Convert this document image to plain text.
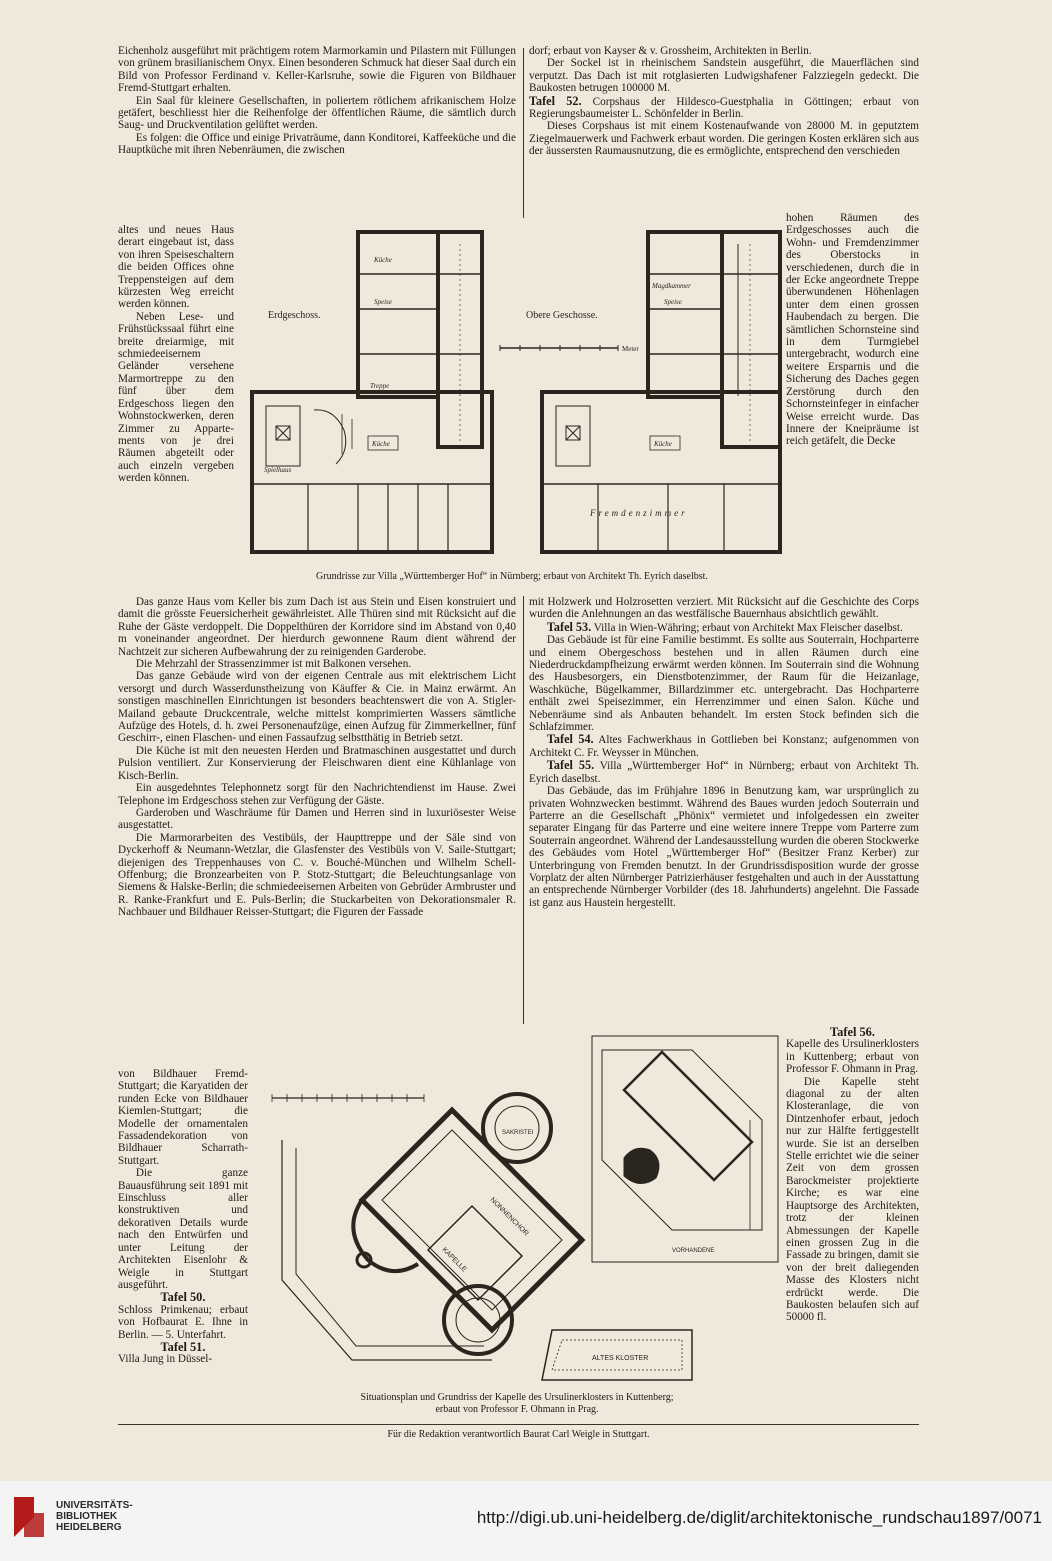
Eichenholz ausgeführt mit prächtigem rotem Marmorkamin und Pilastern mit Füllungen von grünem brasilianischem Onyx. Einen besonderen Schmuck hat dieser Saal durch ein Bild von Professor Ferdinand v. Keller-Karlsruhe, sowie die Figuren von Bildhauer Fremd-Stuttgart erhalten.

Ein Saal für kleinere Gesellschaften, in poliertem rötlichem afrikanischem Holze getäfert, beschliesst hier die Reihenfolge der öffentlichen Räume, die sämtlich durch Saug- und Druckventilation gelüftet werden.

Es folgen: die Office und einige Privaträume, dann Konditorei, Kaffeeküche und die Hauptküche mit ihren Nebenräumen, die zwischen

altes und neues Haus derart eingebaut ist, dass von ihren Speiseschaltern die beiden Offices ohne Treppensteigen auf dem kürzesten Weg erreicht werden können.

Neben Lese- und Frühstückssaal führt eine breite dreiarmige, mit schmiedeeisernem Geländer versehene Marmortreppe zu den fünf über dem Erdgeschoss liegen den Wohnstockwerken, deren Zimmer zu Apparte-ments von je drei Räumen abgeteilt oder auch einzeln vergeben werden können.

dorf; erbaut von Kayser & v. Grossheim, Architekten in Berlin.

Der Sockel ist in rheinischem Sandstein ausgeführt, die Mauerflächen sind verputzt. Das Dach ist mit rotglasierten Ludwigshafener Falzziegeln gedeckt. Die Baukosten betrugen 100000 M.

Tafel 52. Corpshaus der Hildesco-Guestphalia in Göttingen; erbaut von Regierungsbaumeister L. Schönfelder in Berlin.

Dieses Corpshaus ist mit einem Kostenaufwande von 28000 M. in geputztem Ziegelmauerwerk und Fachwerk erbaut worden. Die geringen Kosten erklären sich aus der äussersten Raumausnutzung, die es ermöglichte, entsprechend den verschieden

hohen Räumen des Erdgeschosses auch die Wohn- und Fremdenzimmer des Oberstocks in verschiedenen, durch die in der Ecke angeordnete Treppe überwundenen Höhenlagen unter dem einen grossen Haubendach zu bergen. Die sämtlichen Schornsteine sind in dem Turmgiebel untergebracht, wodurch eine weitere Ersparnis und die Sicherung des Daches gegen Zerstörung durch den Schornsteinfeger in einfacher Weise erreicht wurde. Das Innere der Kneipräume ist reich getäfelt, die Decke

Erdgeschoss.	Obere Geschosse.
Meter
Küche
Speise
Spielhaus
Treppe
Küche
Magdkammer
Speise
Küche
Fremdenzimmer
Grundrisse zur Villa „Württemberger Hof“ in Nürnberg; erbaut von Architekt Th. Eyrich daselbst.

Das ganze Haus vom Keller bis zum Dach ist aus Stein und Eisen konstruiert und damit die grösste Feuersicherheit gewährleistet. Alle Thüren sind mit Rücksicht auf die Ruhe der Gäste verdoppelt. Die Doppelthüren der Korridore sind im Abstand von 0,40 m voneinander angeordnet. Der hierdurch gewonnene Raum dient während der Nachtzeit zur sicheren Aufbewahrung der zu reinigenden Garderobe.

Die Mehrzahl der Strassenzimmer ist mit Balkonen versehen.

Das ganze Gebäude wird von der eigenen Centrale aus mit elektrischem Licht versorgt und durch Wasserdunstheizung von Käuffer & Cie. in Mainz erwärmt. An sonstigen maschinellen Einrichtungen ist besonders beachtenswert die von A. Stigler-Mailand gebaute Druckcentrale, welche mittelst komprimierten Wassers sämtliche Aufzüge des Hotels, d. h. zwei Personenaufzüge, einen Aufzug für Zimmerkellner, fünf Geschirr-, einen Flaschen- und einen Fassaufzug selbstthätig in Betrieb setzt.

Die Küche ist mit den neuesten Herden und Bratmaschinen ausgestattet und durch Pulsion ventiliert. Zur Konservierung der Fleischwaren dient eine Kühlanlage von Kisch-Berlin.

Ein ausgedehntes Telephonnetz sorgt für den Nachrichtendienst im Hause. Zwei Telephone im Erdgeschoss stehen zur Verfügung der Gäste.

Garderoben und Waschräume für Damen und Herren sind in luxuriösester Weise ausgestattet.

Die Marmorarbeiten des Vestibüls, der Haupttreppe und der Säle sind von Dyckerhoff & Neumann-Wetzlar, die Glasfenster des Vestibüls von V. Saile-Stuttgart; diejenigen des Treppenhauses von C. v. Bouché-München und Wilhelm Schell-Offenburg; die Bronzearbeiten von P. Stotz-Stuttgart; die Beleuchtungsanlage von Siemens & Halske-Berlin; die schmiedeeisernen Arbeiten von Gebrüder Armbruster und R. Ranke-Frankfurt und E. Puls-Berlin; die Stuckarbeiten von Dekorationsmaler R. Nachbauer und Bildhauer Reisser-Stuttgart; die Figuren der Fassade

mit Holzwerk und Holzrosetten verziert. Mit Rücksicht auf die Geschichte des Corps wurden die Anlehnungen an das westfälische Bauernhaus absichtlich gewählt.

Tafel 53. Villa in Wien-Währing; erbaut von Architekt Max Fleischer daselbst.

Das Gebäude ist für eine Familie bestimmt. Es sollte aus Souterrain, Hochparterre und einem Obergeschoss bestehen und in allen Räumen durch eine Niederdruckdampfheizung erwärmt werden können. Im Souterrain sind die Wohnung des Hausbesorgers, ein Dienstbotenzimmer, der Raum für die Heizanlage, Waschküche, Bügelkammer, Billardzimmer etc. untergebracht. Das Hochparterre enthält zwei Speisezimmer, ein Herrenzimmer und einen Salon. Küche und Nebenräume sind als Anbauten behandelt. Im ersten Stock befinden sich die Schlafzimmer.

Tafel 54. Altes Fachwerkhaus in Gottlieben bei Konstanz; aufgenommen von Architekt C. Fr. Weysser in München.

Tafel 55. Villa „Württemberger Hof“ in Nürnberg; erbaut von Architekt Th. Eyrich daselbst.

Das Gebäude, das im Frühjahre 1896 in Benutzung kam, war ursprünglich zu privaten Wohnzwecken bestimmt. Während des Baues wurden jedoch Souterrain und Parterre an die Gesellschaft „Phönix“ vermietet und infolgedessen ein zweiter separater Eingang für das Parterre und eine weitere innere Treppe vom Parterre zum Souterrain angeordnet. Während der Landesausstellung wurden die oberen Stockwerke des Gebäudes vom Hotel „Württemberger Hof“ (Besitzer Franz Kerber) zur Unterbringung von Fremden benutzt. In der Grundrissdisposition wurde der grosse Vorplatz der alten Nürnberger Patrizierhäuser festgehalten und auch in der Ausstattung an entsprechende Nürnberger Vorbilder (des 18. Jahrhunderts) angelehnt. Die Fassade ist ganz aus Haustein hergestellt.

von Bildhauer Fremd-Stuttgart; die Karyatiden der runden Ecke von Bildhauer Kiemlen-Stuttgart; die Modelle der ornamentalen Fassadendekoration von Bildhauer Scharrath-Stuttgart.

Die ganze Bauausführung seit 1891 mit Einschluss aller konstruktiven und dekorativen Details wurde nach den Entwürfen und unter Leitung der Architekten Eisenlohr & Weigle in Stuttgart ausgeführt.

Tafel 50.

Schloss Primkenau; erbaut von Hofbaurat E. Ihne in Berlin. — 5. Unterfahrt.

Tafel 51.

Villa Jung in Düssel-

SAKRISTEI
NONNENCHOR
KAPELLE
ALTES KLOSTER
VORHANDENE
Situationsplan und Grundriss der Kapelle des Ursulinerklosters in Kuttenberg;
erbaut von Professor F. Ohmann in Prag.

Tafel 56.

Kapelle des Ursulinerklosters in Kuttenberg; erbaut von Professor F. Ohmann in Prag.

Die Kapelle steht diagonal zu der alten Klosteranlage, die von Dintzenhofer erbaut, jedoch nur zur Hälfte fertiggestellt wurde. Sie ist an derselben Stelle errichtet wie die seiner Zeit von dem grossen Barockmeister projektierte Kirche; es war eine Hauptsorge des Architekten, trotz der kleinen Abmessungen der Kapelle einen grossen Zug in die Fassade zu bringen, damit sie von der breit daliegenden Masse des Klosters nicht erdrückt werde. Die Baukosten belaufen sich auf 50000 fl.

Für die Redaktion verantwortlich Baurat Carl Weigle in Stuttgart.
UNIVERSITÄTS-
BIBLIOTHEK
HEIDELBERG
http://digi.ub.uni-heidelberg.de/diglit/architektonische_rundschau1897/0071
